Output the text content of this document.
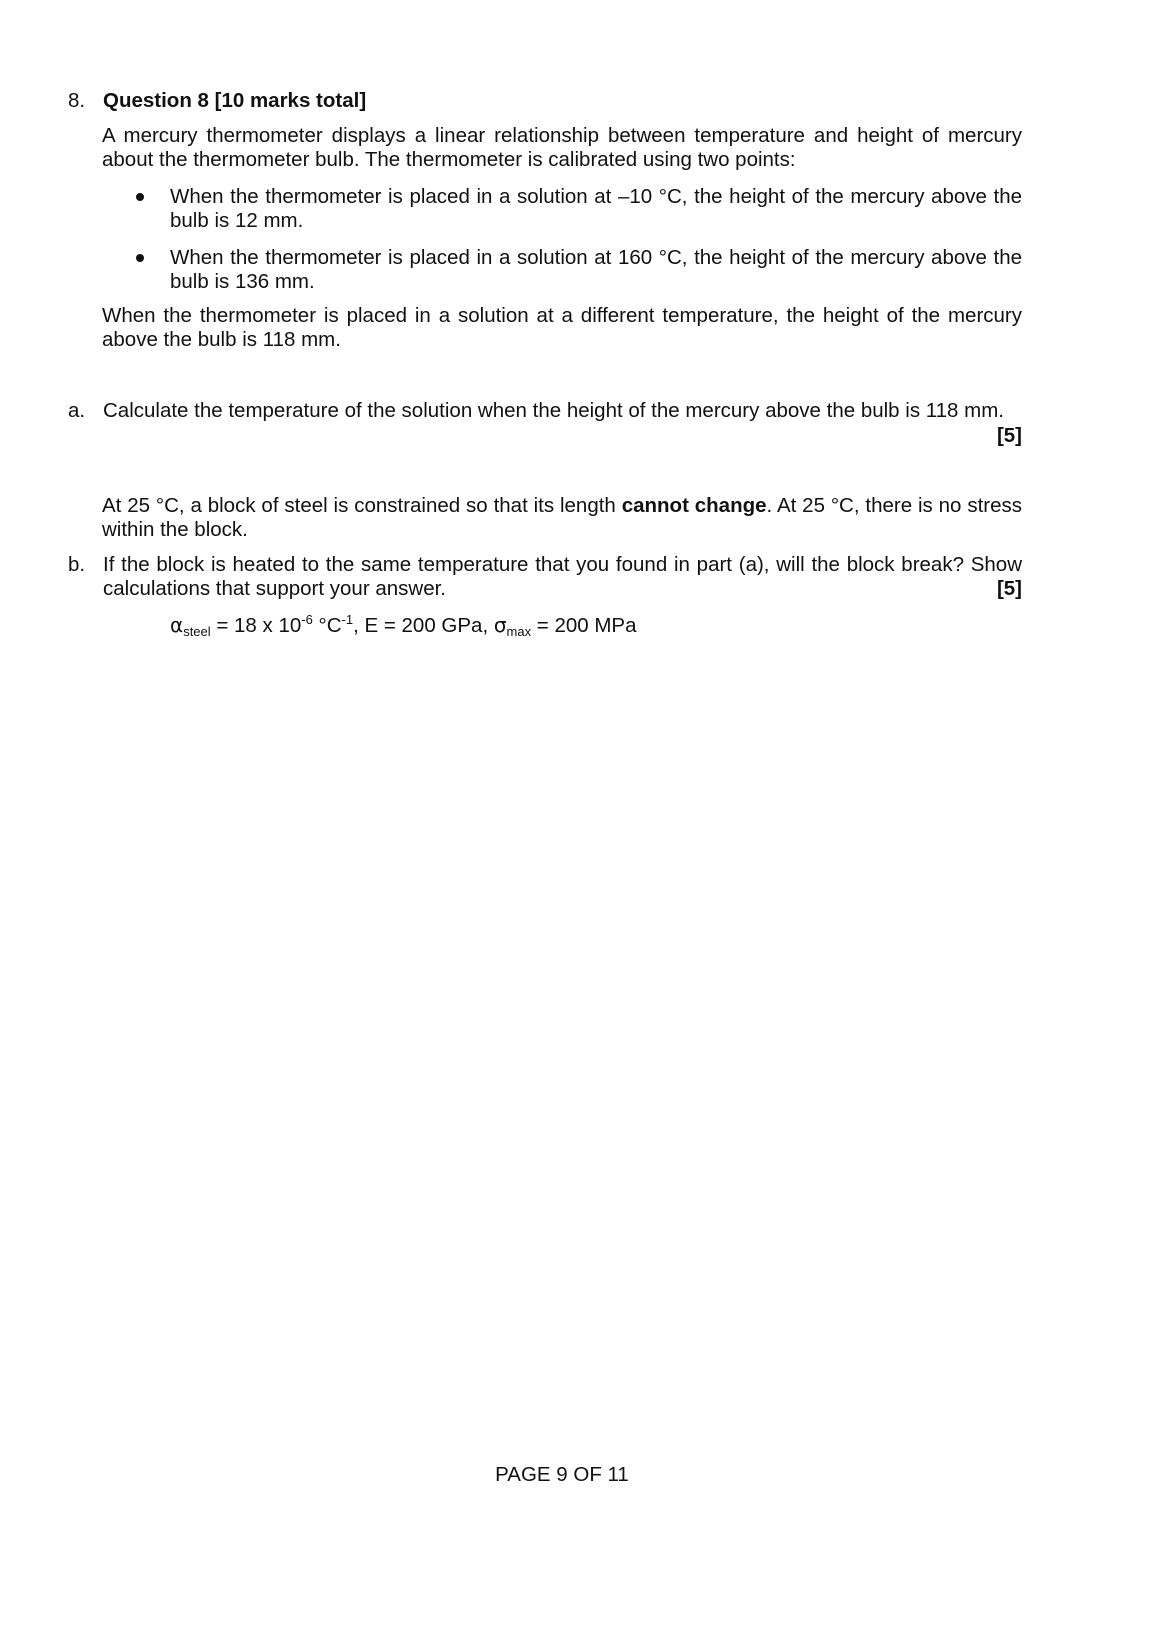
8. Question 8 [10 marks total]
A mercury thermometer displays a linear relationship between temperature and height of mercury about the thermometer bulb. The thermometer is calibrated using two points:
When the thermometer is placed in a solution at –10 °C, the height of the mercury above the bulb is 12 mm.
When the thermometer is placed in a solution at 160 °C, the height of the mercury above the bulb is 136 mm.
When the thermometer is placed in a solution at a different temperature, the height of the mercury above the bulb is 118 mm.
a. Calculate the temperature of the solution when the height of the mercury above the bulb is 118 mm.
[5]
At 25 °C, a block of steel is constrained so that its length cannot change. At 25 °C, there is no stress within the block.
b. If the block is heated to the same temperature that you found in part (a), will the block break? Show calculations that support your answer.	[5]
$\alpha_{steel} = 18$ x $10^{-6}$ $^\circ C^{-1}$, E = 200 GPa, $\sigma_{max} = 200$ MPa
PAGE 9 OF 11
